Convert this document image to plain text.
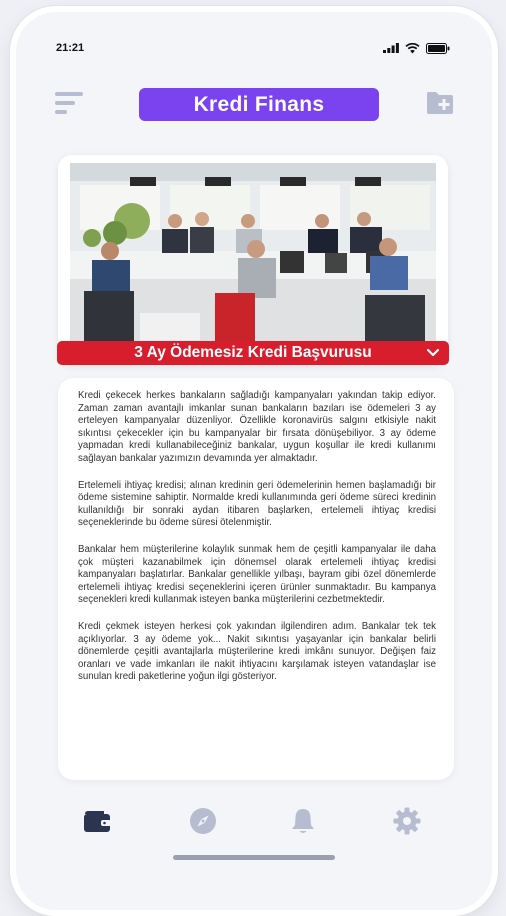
21:21
Kredi Finans
3 Ay Ödemesiz Kredi Başvurusu

Kredi çekecek herkes bankaların sağladığı kampanyaları yakından takip ediyor. Zaman zaman avantajlı imkanlar sunan bankaların bazıları ise ödemeleri 3 ay erteleyen kampanyalar düzenliyor. Özellikle koronavirüs salgını etkisiyle nakit sıkıntısı çekecekler için bu kampanyalar bir fırsata dönüşebiliyor. 3 ay ödeme yapmadan kredi kullanabileceğiniz bankalar, uygun koşullar ile kredi kullanımı sağlayan bankalar yazımızın devamında yer almaktadır.

Ertelemeli ihtiyaç kredisi; alınan kredinin geri ödemelerinin hemen başlamadığı bir ödeme sistemine sahiptir. Normalde kredi kullanımında geri ödeme süreci kredinin kullanıldığı bir sonraki aydan itibaren başlarken, ertelemeli ihtiyaç kredisi seçeneklerinde bu ödeme süresi ötelenmiştir.

Bankalar hem müşterilerine kolaylık sunmak hem de çeşitli kampanyalar ile daha çok müşteri kazanabilmek için dönemsel olarak ertelemeli ihtiyaç kredisi kampanyaları başlatırlar. Bankalar genellikle yılbaşı, bayram gibi özel dönemlerde ertelemeli ihtiyaç kredisi seçeneklerini içeren ürünler sunmaktadır. Bu kampanya seçenekleri kredi kullanmak isteyen banka müşterilerini cezbetmektedir.

Kredi çekmek isteyen herkesi çok yakından ilgilendiren adım. Bankalar tek tek açıklıyorlar. 3 ay ödeme yok... Nakit sıkıntısı yaşayanlar için bankalar belirli dönemlerde çeşitli avantajlarla müşterilerine kredi imkânı sunuyor. Değişen faiz oranları ve vade imkanları ile nakit ihtiyacını karşılamak isteyen vatandaşlar ise sunulan kredi paketlerine yoğun ilgi gösteriyor.
